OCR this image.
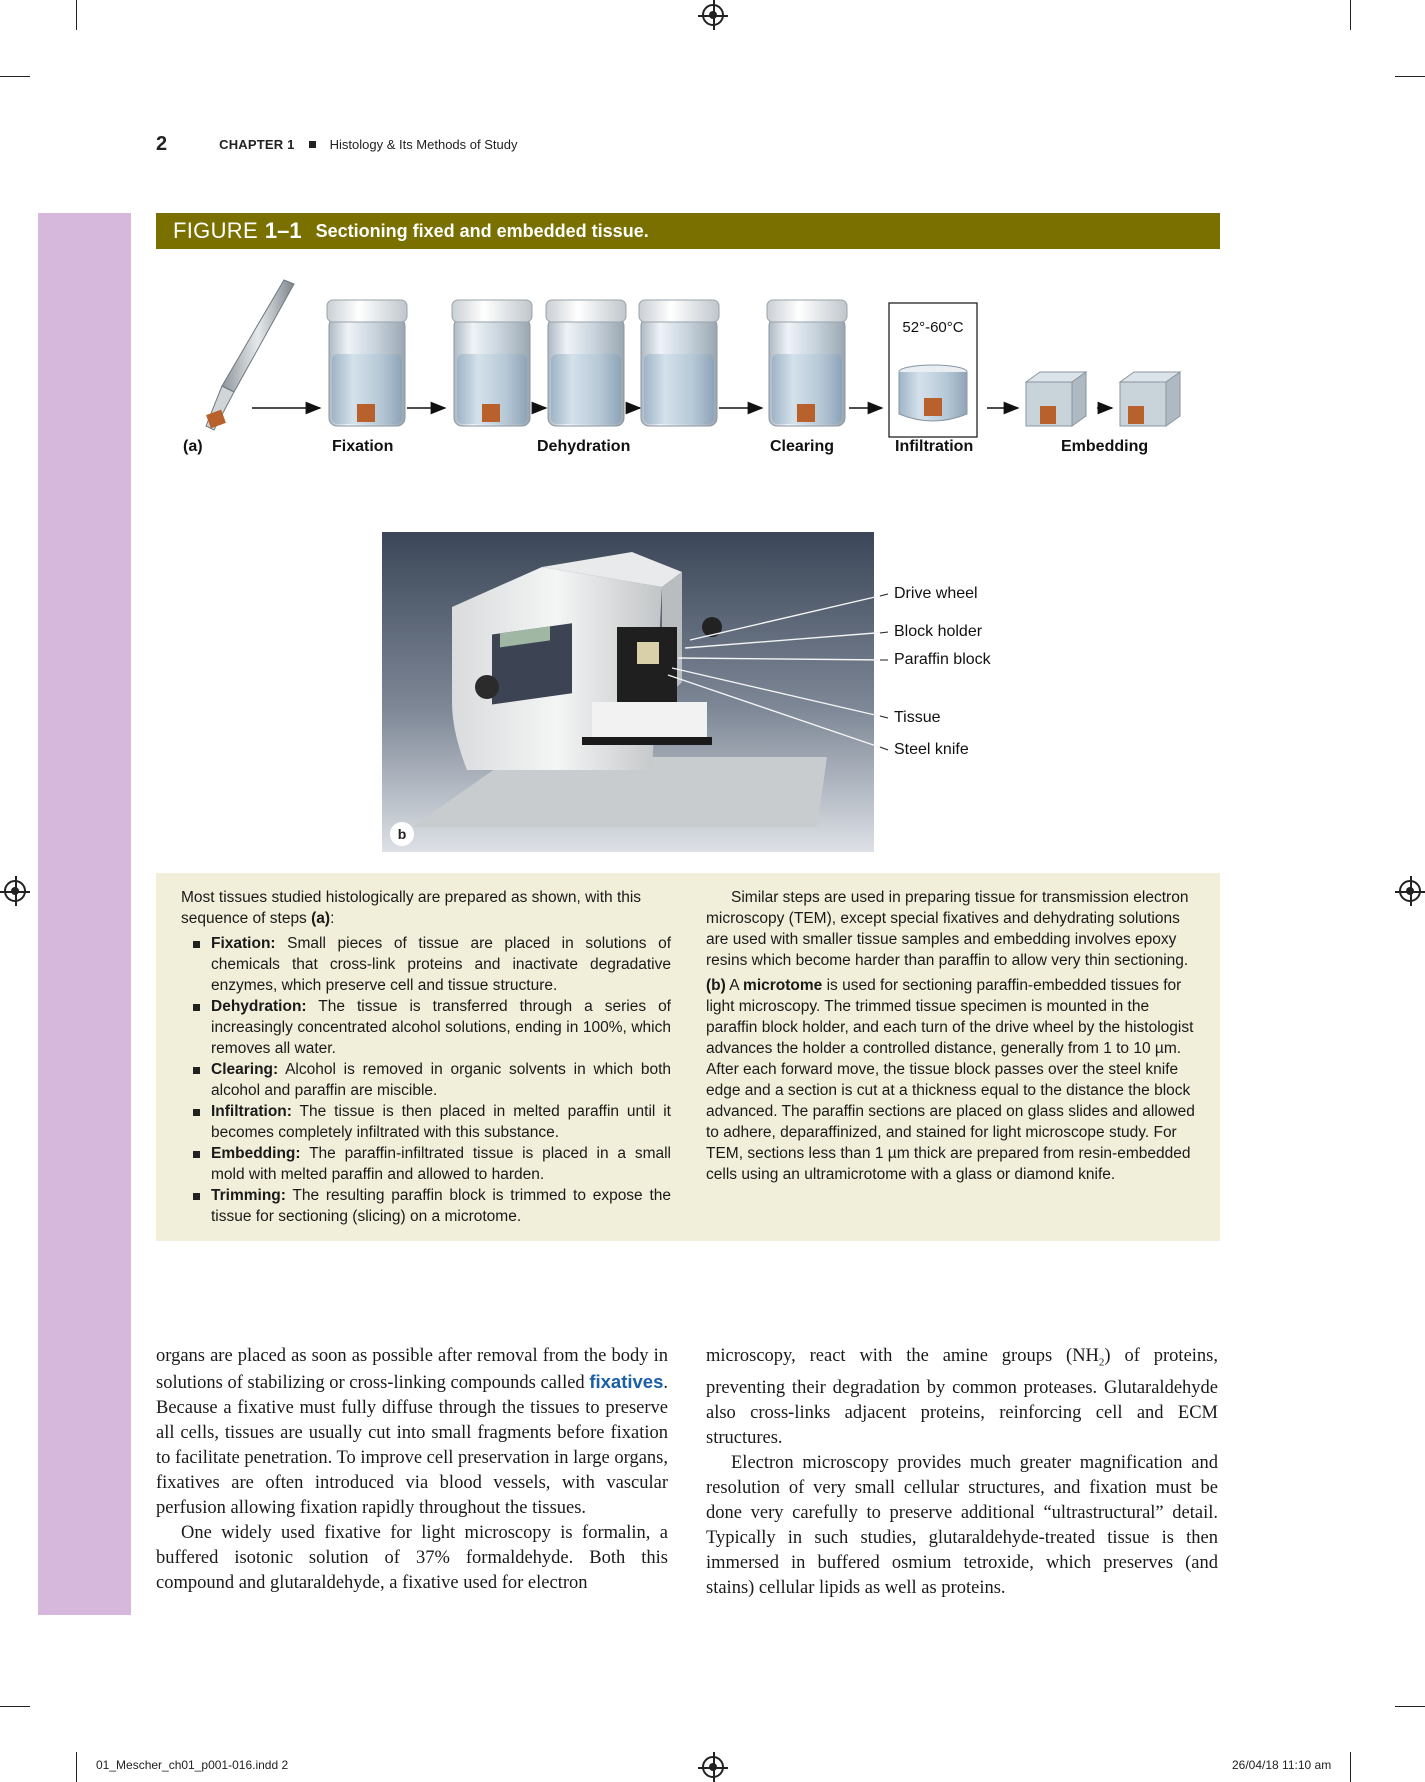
2	CHAPTER 1	Histology & Its Methods of Study
FIGURE 1–1 Sectioning fixed and embedded tissue.
52°-60°C
(a)	Fixation	Dehydration	Clearing	Infiltration	Embedding
b
Drive wheel
Block holder
Paraffin block
Tissue
Steel knife

Most tissues studied histologically are prepared as shown, with this sequence of steps (a):

Fixation: Small pieces of tissue are placed in solutions of chemicals that cross-link proteins and inactivate degradative enzymes, which preserve cell and tissue structure.
Dehydration: The tissue is transferred through a series of increasingly concentrated alcohol solutions, ending in 100%, which removes all water.
Clearing: Alcohol is removed in organic solvents in which both alcohol and paraffin are miscible.
Infiltration: The tissue is then placed in melted paraffin until it becomes completely infiltrated with this substance.
Embedding: The paraffin-infiltrated tissue is placed in a small mold with melted paraffin and allowed to harden.
Trimming: The resulting paraffin block is trimmed to expose the tissue for sectioning (slicing) on a microtome.

Similar steps are used in preparing tissue for transmission electron microscopy (TEM), except special fixatives and dehydrating solutions are used with smaller tissue samples and embedding involves epoxy resins which become harder than paraffin to allow very thin sectioning.

(b) A microtome is used for sectioning paraffin-embedded tissues for light microscopy. The trimmed tissue specimen is mounted in the paraffin block holder, and each turn of the drive wheel by the histologist advances the holder a controlled distance, generally from 1 to 10 µm. After each forward move, the tissue block passes over the steel knife edge and a section is cut at a thickness equal to the distance the block advanced. The paraffin sections are placed on glass slides and allowed to adhere, deparaffinized, and stained for light microscope study. For TEM, sections less than 1 µm thick are prepared from resin-embedded cells using an ultramicrotome with a glass or diamond knife.

organs are placed as soon as possible after removal from the body in solutions of stabilizing or cross-linking compounds called fixatives. Because a fixative must fully diffuse through the tissues to preserve all cells, tissues are usually cut into small fragments before fixation to facilitate penetration. To improve cell preservation in large organs, fixatives are often introduced via blood vessels, with vascular perfusion allowing fixation rapidly throughout the tissues.

One widely used fixative for light microscopy is formalin, a buffered isotonic solution of 37% formaldehyde. Both this compound and glutaraldehyde, a fixative used for electron

microscopy, react with the amine groups $(NH_2)$ of proteins, preventing their degradation by common proteases. Glutaraldehyde also cross-links adjacent proteins, reinforcing cell and ECM structures.

Electron microscopy provides much greater magnification and resolution of very small cellular structures, and fixation must be done very carefully to preserve additional “ultrastructural” detail. Typically in such studies, glutaraldehyde-treated tissue is then immersed in buffered osmium tetroxide, which preserves (and stains) cellular lipids as well as proteins.

01_Mescher_ch01_p001-016.indd 2	26/04/18 11:10 am
